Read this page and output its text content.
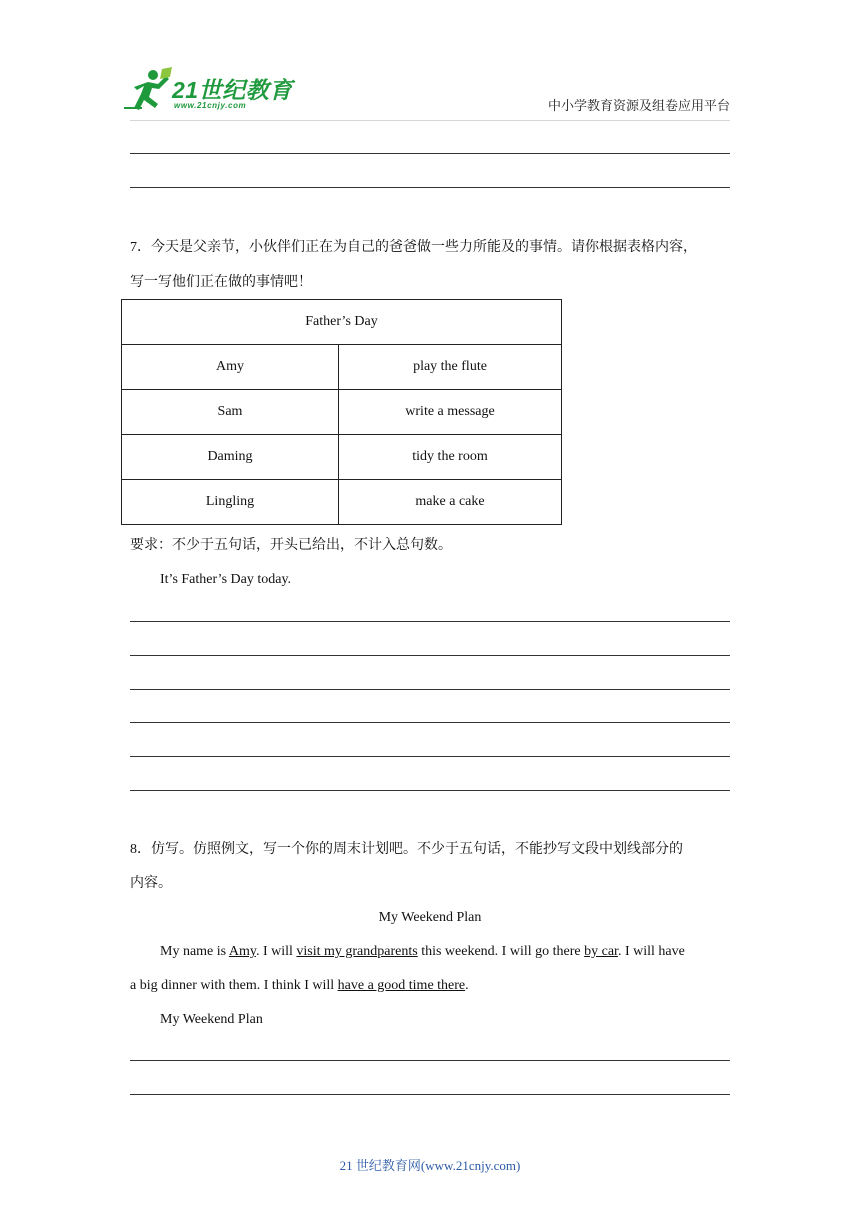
21世纪教育
www.21cnjy.com	中小学教育资源及组卷应用平台
7．今天是父亲节，小伙伴们正在为自己的爸爸做一些力所能及的事情。请你根据表格内容，
写一写他们正在做的事情吧！
Father’s Day	
Amy	play the flute
Sam	write a message
Daming	tidy the room
Lingling	make a cake
要求：不少于五句话，开头已给出，不计入总句数。
It’s Father’s Day today.
8．仿写。仿照例文，写一个你的周末计划吧。不少于五句话，不能抄写文段中划线部分的
内容。
My Weekend Plan
My name is Amy. I will visit my grandparents this weekend. I will go there by car. I will have
a big dinner with them. I think I will have a good time there.
My Weekend Plan
21 世纪教育网(www.21cnjy.com)
